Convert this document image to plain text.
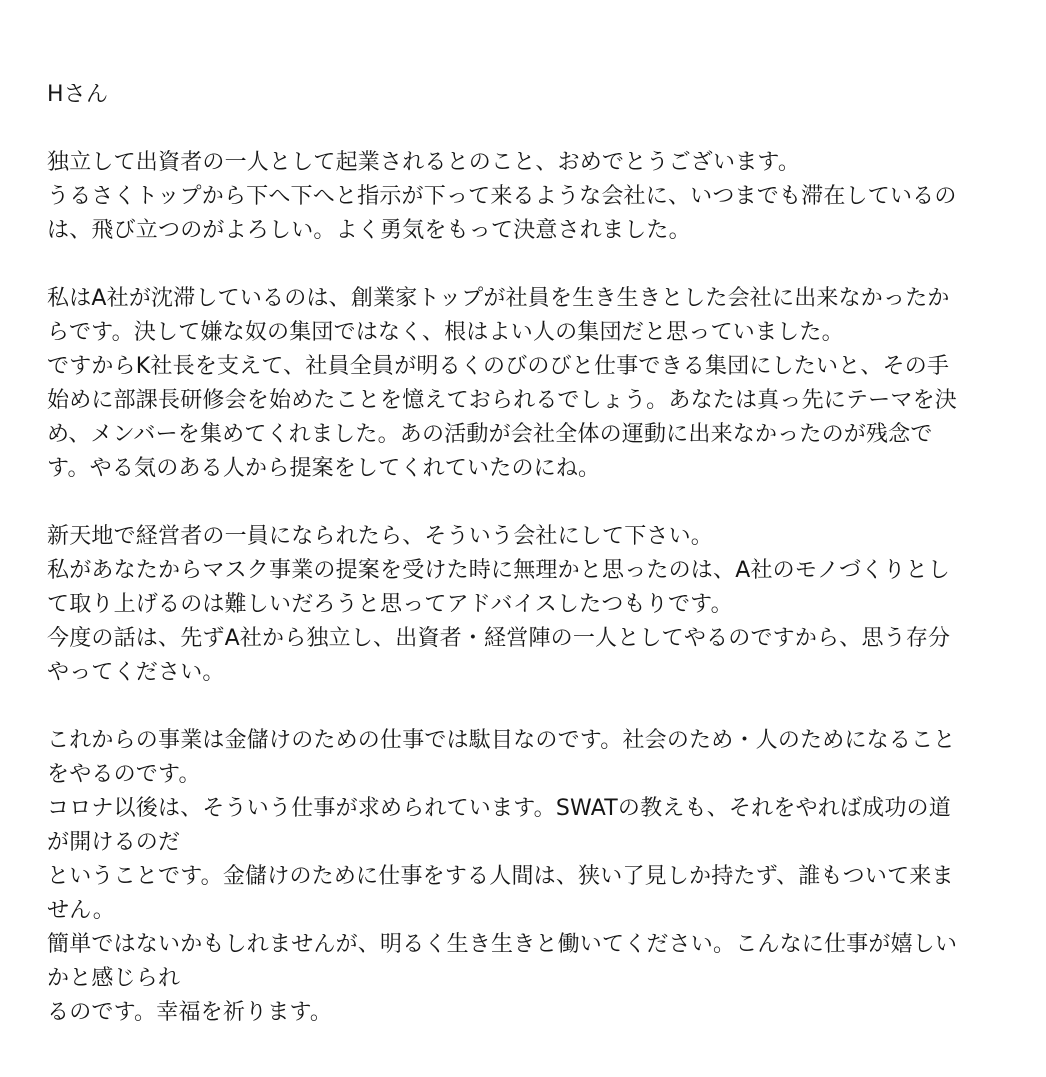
Hさん
独立して出資者の一人として起業されるとのこと、おめでとうございます。
うるさくトップから下へ下へと指示が下って来るような会社に、いつまでも滞在しているの
は、飛び立つのがよろしい。よく勇気をもって決意されました。
私はA社が沈滞しているのは、創業家トップが社員を生き生きとした会社に出来なかったか
らです。決して嫌な奴の集団ではなく、根はよい人の集団だと思っていました。
ですからK社長を支えて、社員全員が明るくのびのびと仕事できる集団にしたいと、その手
始めに部課長研修会を始めたことを憶えておられるでしょう。あなたは真っ先にテーマを決
め、メンバーを集めてくれました。あの活動が会社全体の運動に出来なかったのが残念で
す。やる気のある人から提案をしてくれていたのにね。
新天地で経営者の一員になられたら、そういう会社にして下さい。
私があなたからマスク事業の提案を受けた時に無理かと思ったのは、A社のモノづくりとし
て取り上げるのは難しいだろうと思ってアドバイスしたつもりです。
今度の話は、先ずA社から独立し、出資者・経営陣の一人としてやるのですから、思う存分
やってください。
これからの事業は金儲けのための仕事では駄目なのです。社会のため・人のためになること
をやるのです。
コロナ以後は、そういう仕事が求められています。SWATの教えも、それをやれば成功の道
が開けるのだ
ということです。金儲けのために仕事をする人間は、狭い了見しか持たず、誰もついて来ま
せん。
簡単ではないかもしれませんが、明るく生き生きと働いてください。こんなに仕事が嬉しい
かと感じられ
るのです。幸福を祈ります。
